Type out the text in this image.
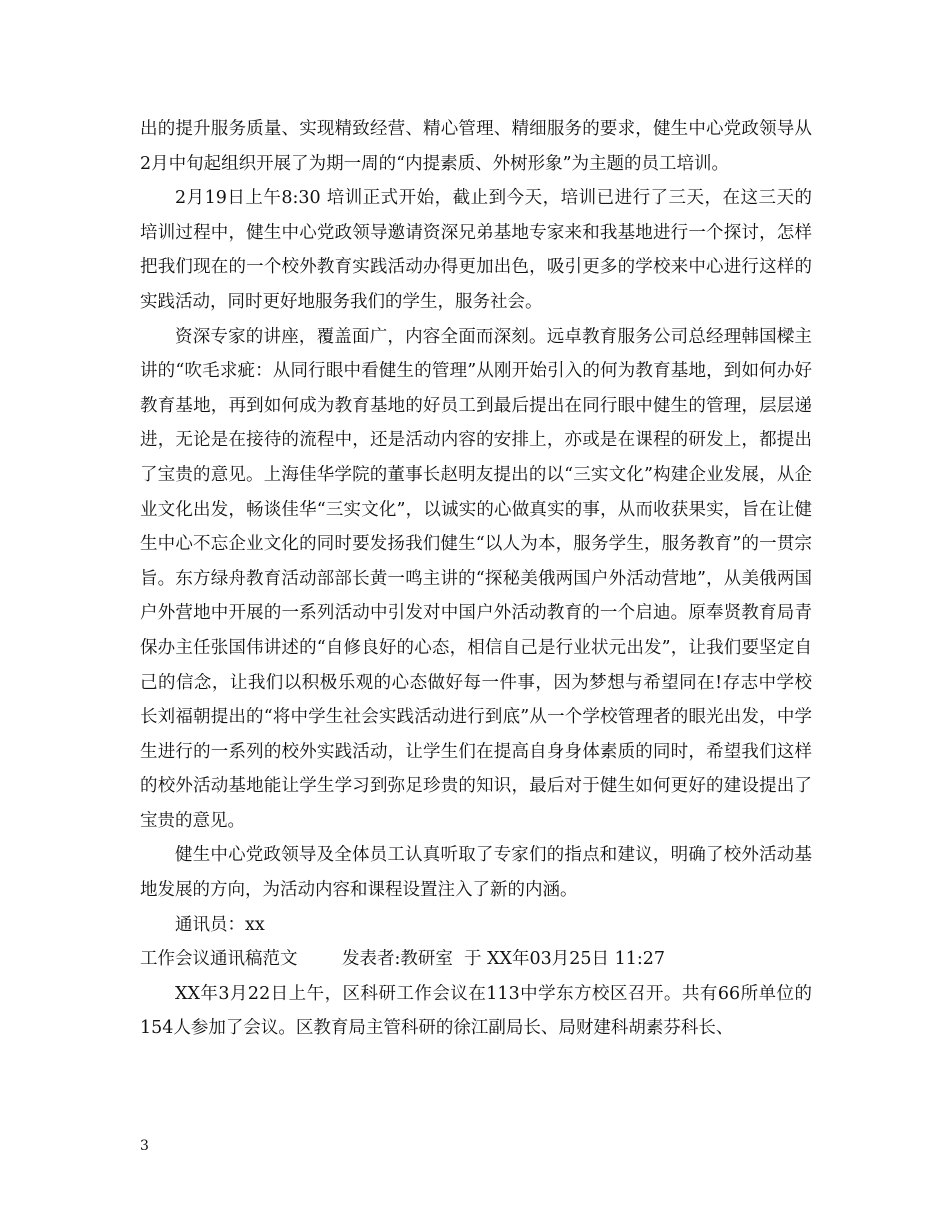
出的提升服务质量、实现精致经营、精心管理、精细服务的要求，健生中心党政领导从2月中旬起组织开展了为期一周的“内提素质、外树形象”为主题的员工培训。

2月19日上午8:30 培训正式开始，截止到今天，培训已进行了三天，在这三天的培训过程中，健生中心党政领导邀请资深兄弟基地专家来和我基地进行一个探讨，怎样把我们现在的一个校外教育实践活动办得更加出色，吸引更多的学校来中心进行这样的实践活动，同时更好地服务我们的学生，服务社会。

资深专家的讲座，覆盖面广，内容全面而深刻。远卓教育服务公司总经理韩国樑主讲的“吹毛求疵：从同行眼中看健生的管理”从刚开始引入的何为教育基地，到如何办好教育基地，再到如何成为教育基地的好员工到最后提出在同行眼中健生的管理，层层递进，无论是在接待的流程中，还是活动内容的安排上，亦或是在课程的研发上，都提出了宝贵的意见。上海佳华学院的董事长赵明友提出的以“三实文化”构建企业发展，从企业文化出发，畅谈佳华“三实文化”，以诚实的心做真实的事，从而收获果实，旨在让健生中心不忘企业文化的同时要发扬我们健生“以人为本，服务学生，服务教育”的一贯宗旨。东方绿舟教育活动部部长黄一鸣主讲的“探秘美俄两国户外活动营地”，从美俄两国户外营地中开展的一系列活动中引发对中国户外活动教育的一个启迪。原奉贤教育局青保办主任张国伟讲述的“自修良好的心态，相信自己是行业状元出发”，让我们要坚定自己的信念，让我们以积极乐观的心态做好每一件事，因为梦想与希望同在!存志中学校长刘福朝提出的“将中学生社会实践活动进行到底”从一个学校管理者的眼光出发，中学生进行的一系列的校外实践活动，让学生们在提高自身身体素质的同时，希望我们这样的校外活动基地能让学生学习到弥足珍贵的知识，最后对于健生如何更好的建设提出了宝贵的意见。

健生中心党政领导及全体员工认真听取了专家们的指点和建议，明确了校外活动基地发展的方向，为活动内容和课程设置注入了新的内涵。

通讯员：xx

工作会议通讯稿范文	发表者:教研室  于 XX年03月25日 11:27

XX年3月22日上午，区科研工作会议在113中学东方校区召开。共有66所单位的154人参加了会议。区教育局主管科研的徐江副局长、局财建科胡素芬科长、

3
